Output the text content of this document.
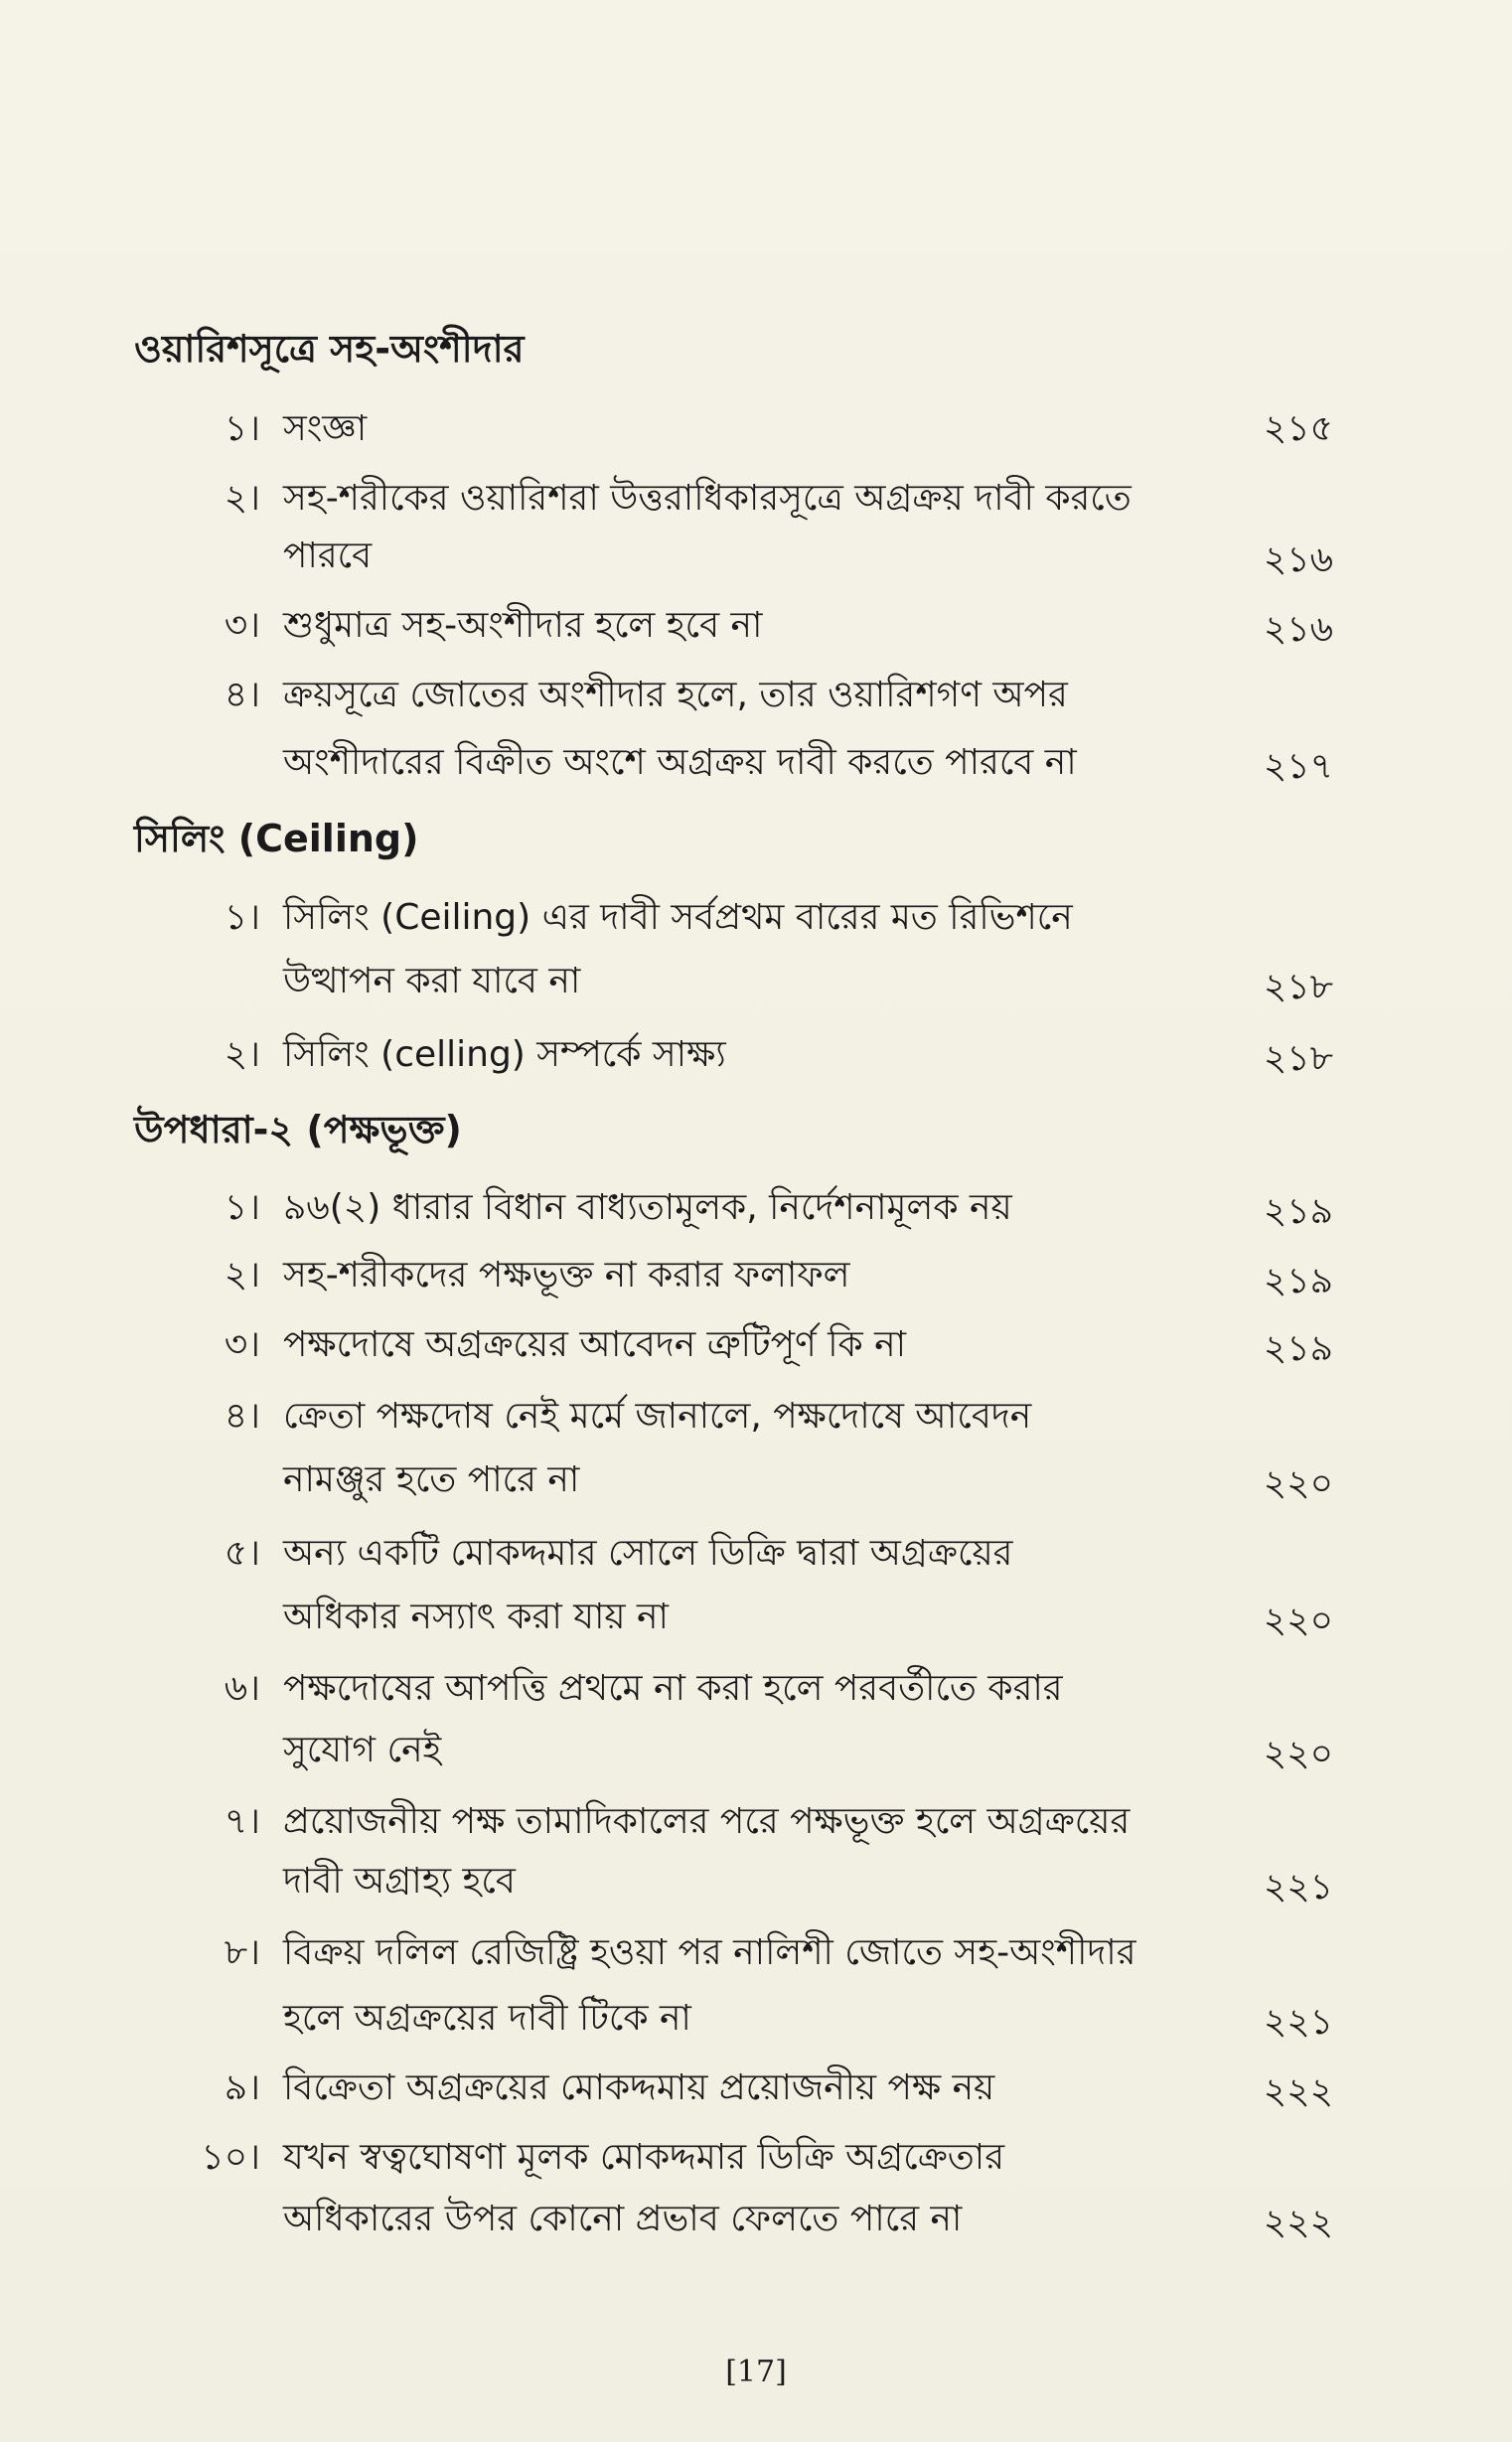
ওয়ারিশসূত্রে সহ-অংশীদার
১। সংজ্ঞা	২১৫
২। সহ-শরীকের ওয়ারিশরা উত্তরাধিকারসূত্রে অগ্রক্রয় দাবী করতে
পারবে	২১৬
৩। শুধুমাত্র সহ-অংশীদার হলে হবে না	২১৬
৪। ক্রয়সূত্রে জোতের অংশীদার হলে, তার ওয়ারিশগণ অপর
অংশীদারের বিক্রীত অংশে অগ্রক্রয় দাবী করতে পারবে না	২১৭
সিলিং (Ceiling)
১। সিলিং (Ceiling) এর দাবী সর্বপ্রথম বারের মত রিভিশনে
উত্থাপন করা যাবে না	২১৮
২। সিলিং (celling) সম্পর্কে সাক্ষ্য	২১৮
উপধারা-২ (পক্ষভূক্ত)
১। ৯৬(২) ধারার বিধান বাধ্যতামূলক, নির্দেশনামূলক নয়	২১৯
২। সহ-শরীকদের পক্ষভূক্ত না করার ফলাফল	২১৯
৩। পক্ষদোষে অগ্রক্রয়ের আবেদন ত্রুটিপূর্ণ কি না	২১৯
৪। ক্রেতা পক্ষদোষ নেই মর্মে জানালে, পক্ষদোষে আবেদন
নামঞ্জুর হতে পারে না	২২০
৫। অন্য একটি মোকদ্দমার সোলে ডিক্রি দ্বারা অগ্রক্রয়ের
অধিকার নস্যাৎ করা যায় না	২২০
৬। পক্ষদোষের আপত্তি প্রথমে না করা হলে পরবর্তীতে করার
সুযোগ নেই	২২০
৭। প্রয়োজনীয় পক্ষ তামাদিকালের পরে পক্ষভূক্ত হলে অগ্রক্রয়ের
দাবী অগ্রাহ্য হবে	২২১
৮। বিক্রয় দলিল রেজিষ্ট্রি হওয়া পর নালিশী জোতে সহ-অংশীদার
হলে অগ্রক্রয়ের দাবী টিকে না	২২১
৯। বিক্রেতা অগ্রক্রয়ের মোকদ্দমায় প্রয়োজনীয় পক্ষ নয়	২২২
১০। যখন স্বত্বঘোষণা মূলক মোকদ্দমার ডিক্রি অগ্রক্রেতার
অধিকারের উপর কোনো প্রভাব ফেলতে পারে না	২২২
[17]
